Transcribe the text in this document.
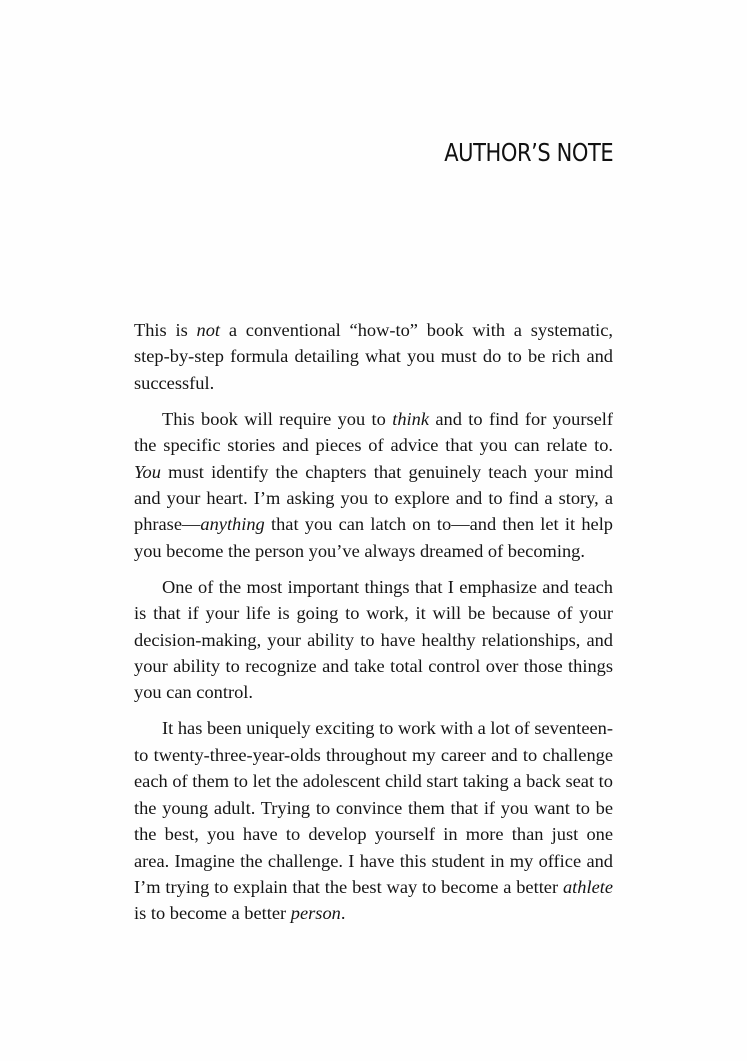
AUTHOR’S NOTE

This is not a conventional “how-to” book with a systematic, step-by-step formula detailing what you must do to be rich and successful.

This book will require you to think and to find for yourself the specific stories and pieces of advice that you can relate to. You must identify the chapters that genuinely teach your mind and your heart. I’m asking you to explore and to find a story, a phrase—anything that you can latch on to—and then let it help you become the person you’ve always dreamed of becoming.

One of the most important things that I emphasize and teach is that if your life is going to work, it will be because of your decision-making, your ability to have healthy relationships, and your ability to recognize and take total control over those things you can control.

It has been uniquely exciting to work with a lot of seventeen- to twenty-three-year-olds throughout my career and to challenge each of them to let the adolescent child start taking a back seat to the young adult. Trying to convince them that if you want to be the best, you have to develop yourself in more than just one area. Imagine the challenge. I have this student in my office and I’m trying to explain that the best way to become a better athlete is to become a better person.
